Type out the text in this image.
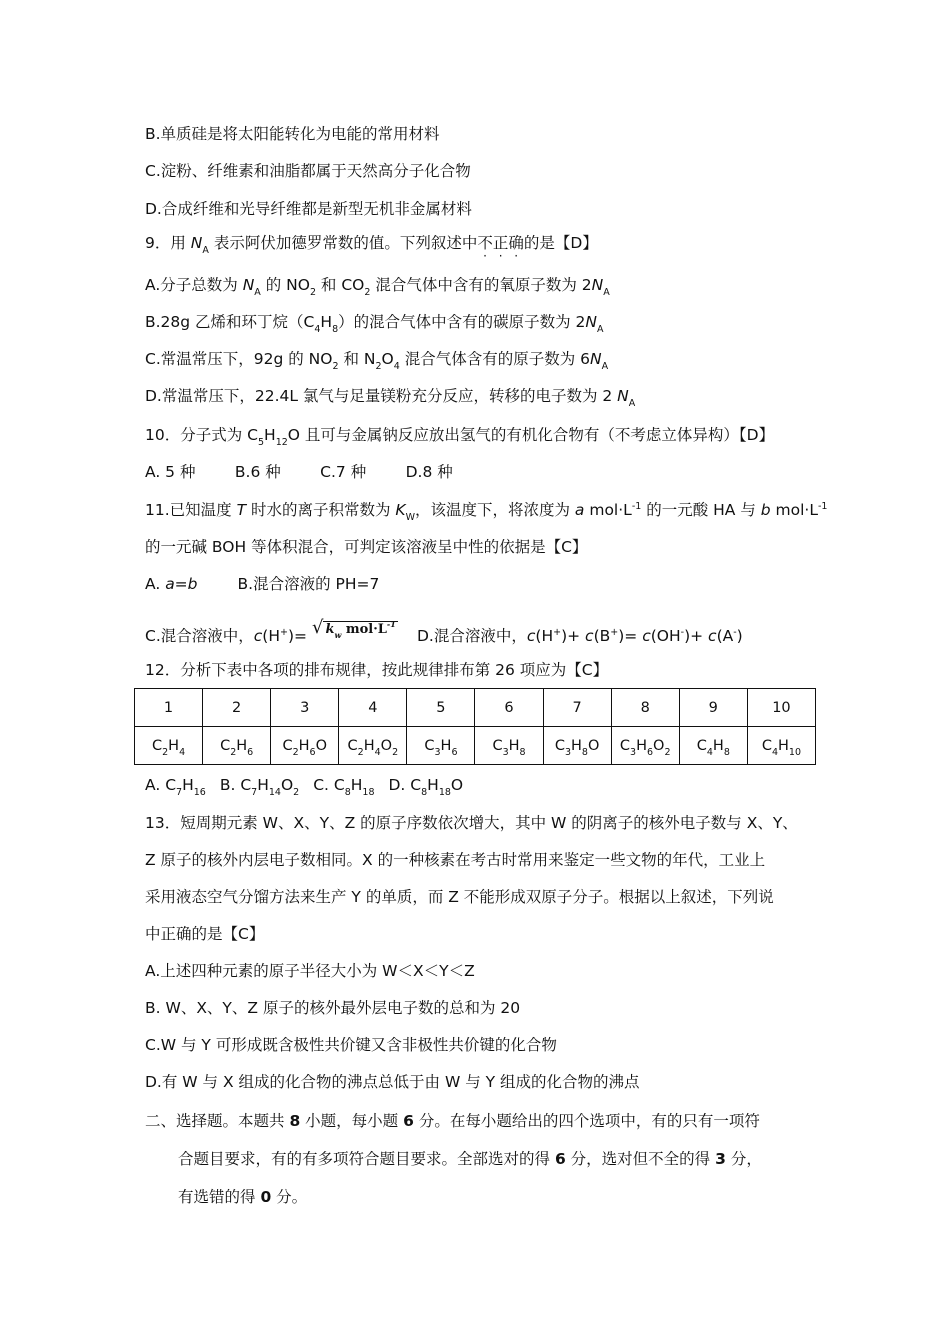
B.单质硅是将太阳能转化为电能的常用材料
C.淀粉、纤维素和油脂都属于天然高分子化合物
D.合成纤维和光导纤维都是新型无机非金属材料
9．用 $N_A$ 表示阿伏加德罗常数的值。下列叙述中不正确的是【D】
A.分子总数为 $N_A$ 的 $NO_2$ 和 $CO_2$ 混合气体中含有的氧原子数为 $2N_A$
B.28g 乙烯和环丁烷$(C_4H_8)$的混合气体中含有的碳原子数为 $2N_A$
C.常温常压下，92g 的 $NO_2$ 和 $N_2O_4$ 混合气体含有的原子数为 $6N_A$
D.常温常压下，22.4L 氯气与足量镁粉充分反应，转移的电子数为 2 $N_A$
10．分子式为 $C_5H_{12}O$ 且可与金属钠反应放出氢气的有机化合物有（不考虑立体异构）【D】
A. 5 种        B.6 种        C.7 种        D.8 种
11.已知温度 T 时水的离子积常数为 $K_W$，该温度下，将浓度为 a $mol\cdot L^{-1}$ 的一元酸 HA 与 b $mol\cdot L^{-1}$
的一元碱 BOH 等体积混合，可判定该溶液呈中性的依据是【C】
A. a=b	B.混合溶液的 PH=7
C.混合溶液中，c(H+)= √ $k_w$ $mol\cdot L^{-1}$
D.混合溶液中，c(H+)+ c(B+)= c(OH-)+ c(A-)
12．分析下表中各项的排布规律，按此规律排布第 26 项应为【C】
1	2	3	4	5	6	7	8	9	10
$C_2H_4$	$C_2H_6$	$C_2H_6O$	$C_2H_4O_2$	$C_3H_6$	$C_3H_8$	$C_3H_8O$	$C_3H_6O_2$	$C_4H_8$	$C_4H_{10}$
A. $C_7H_{16}$ B. $C_7H_{14}O_2$ C. $C_8H_{18}$ D. $C_8H_{18}O$
13．短周期元素 W、X、Y、Z 的原子序数依次增大，其中 W 的阴离子的核外电子数与 X、Y、
Z 原子的核外内层电子数相同。X 的一种核素在考古时常用来鉴定一些文物的年代，工业上
采用液态空气分馏方法来生产 Y 的单质，而 Z 不能形成双原子分子。根据以上叙述，下列说
中正确的是【C】
A.上述四种元素的原子半径大小为 W＜X＜Y＜Z
B. W、X、Y、Z 原子的核外最外层电子数的总和为 20
C.W 与 Y 可形成既含极性共价键又含非极性共价键的化合物
D.有 W 与 X 组成的化合物的沸点总低于由 W 与 Y 组成的化合物的沸点
二、选择题。本题共 8 小题，每小题 6 分。在每小题给出的四个选项中，有的只有一项符
合题目要求，有的有多项符合题目要求。全部选对的得 6 分，选对但不全的得 3 分，
有选错的得 0 分。
